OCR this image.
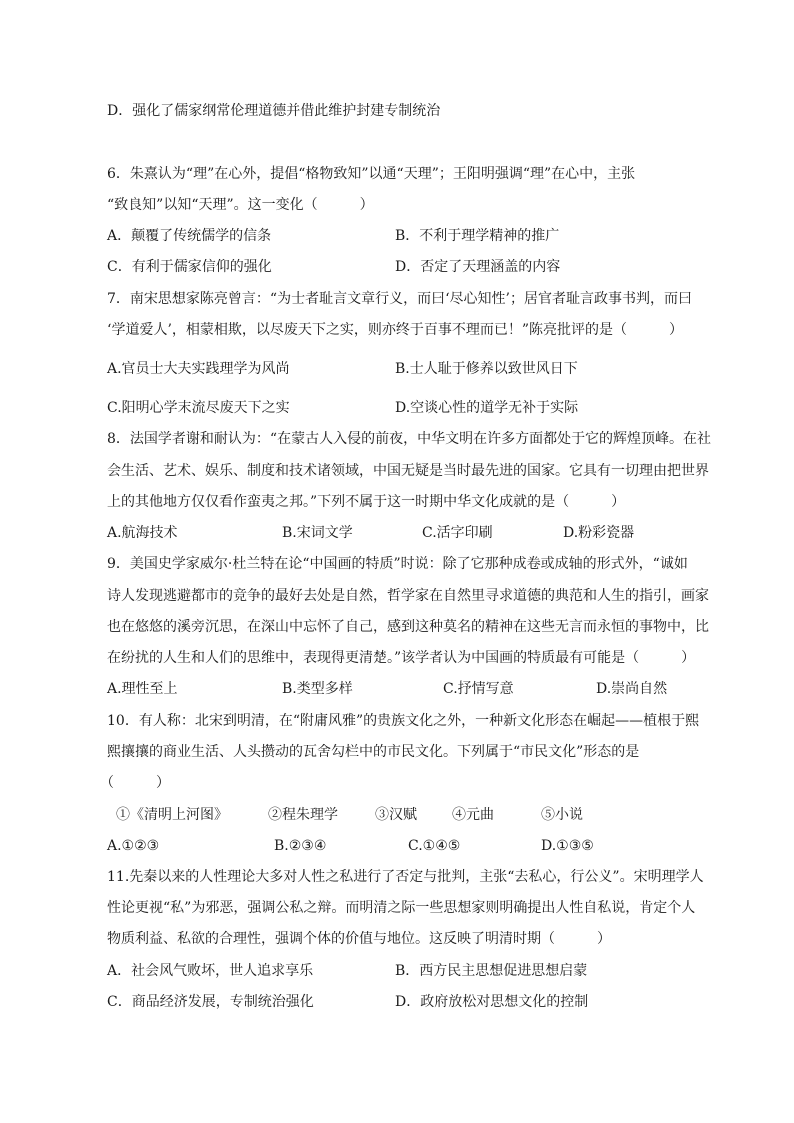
D．强化了儒家纲常伦理道德并借此维护封建专制统治
6．朱熹认为“理”在心外，提倡“格物致知”以通“天理”；王阳明强调“理”在心中，主张
“致良知”以知“天理”。这一变化（　　　）
A．颠覆了传统儒学的信条	B．不利于理学精神的推广
C．有利于儒家信仰的强化	D．否定了天理涵盖的内容
7．南宋思想家陈亮曾言：“为士者耻言文章行义，而曰‘尽心知性’；居官者耻言政事书判，而曰
‘学道爱人’，相蒙相欺，以尽废天下之实，则亦终于百事不理而已！”陈亮批评的是（　　　）
A.官员士大夫实践理学为风尚	B.士人耻于修养以致世风日下
C.阳明心学末流尽废天下之实	D.空谈心性的道学无补于实际
8．法国学者谢和耐认为：“在蒙古人入侵的前夜，中华文明在许多方面都处于它的辉煌顶峰。在社
会生活、艺术、娱乐、制度和技术诸领域，中国无疑是当时最先进的国家。它具有一切理由把世界
上的其他地方仅仅看作蛮夷之邦。”下列不属于这一时期中华文化成就的是（　　　）
A.航海技术	B.宋词文学	C.活字印刷	D.粉彩瓷器
9．美国史学家威尔·杜兰特在论“中国画的特质”时说：除了它那种成卷或成轴的形式外，“诚如
诗人发现逃避都市的竞争的最好去处是自然，哲学家在自然里寻求道德的典范和人生的指引，画家
也在悠悠的溪旁沉思，在深山中忘怀了自己，感到这种莫名的精神在这些无言而永恒的事物中，比
在纷扰的人生和人们的思维中，表现得更清楚。”该学者认为中国画的特质最有可能是（　　　）
A.理性至上	B.类型多样	C.抒情写意	D.崇尚自然
10．有人称：北宋到明清，在“附庸风雅”的贵族文化之外，一种新文化形态在崛起——植根于熙
熙攘攘的商业生活、人头攒动的瓦舍勾栏中的市民文化。下列属于“市民文化”形态的是
（　　　）
①《清明上河图》	②程朱理学	③汉赋	④元曲	⑤小说
A.①②③	B.②③④	C.①④⑤	D.①③⑤
11.先秦以来的人性理论大多对人性之私进行了否定与批判，主张“去私心，行公义”。宋明理学人
性论更视“私”为邪恶，强调公私之辩。而明清之际一些思想家则明确提出人性自私说，肯定个人
物质利益、私欲的合理性，强调个体的价值与地位。这反映了明清时期（　　　）
A．社会风气败坏，世人追求享乐	B．西方民主思想促进思想启蒙
C．商品经济发展，专制统治强化	D．政府放松对思想文化的控制
